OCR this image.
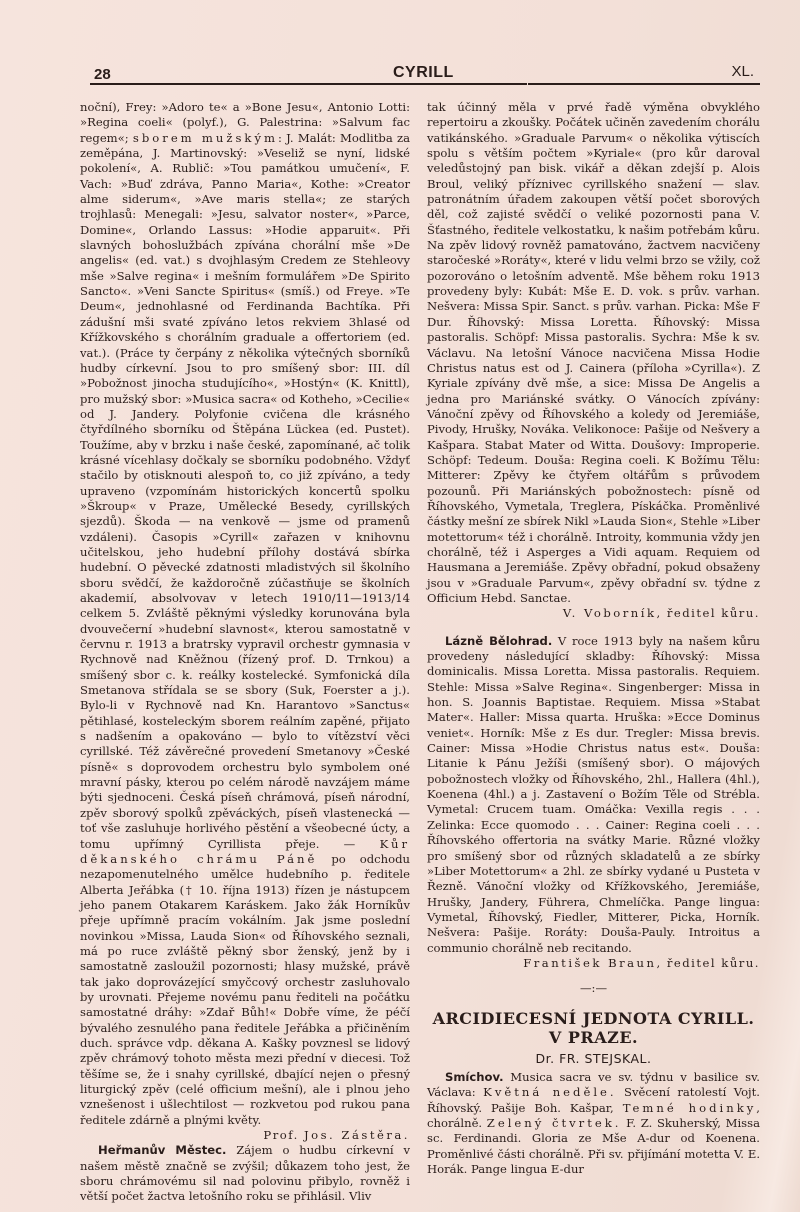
28	CYRILL	XL.

noční), Frey: »Adoro te« a »Bone Jesu«, Antonio Lotti: »Regina coeli« (polyf.), G. Palestrina: »Salvum fac regem«; sborem mužským: J. Malát: Modlitba za zeměpána, J. Martinovský: »Veseliž se nyní, lidské pokolení«, A. Rublič: »Tou památkou umučení«, F. Vach: »Buď zdráva, Panno Maria«, Kothe: »Creator alme siderum«, »Ave maris stella«; ze starých trojhlasů: Menegali: »Jesu, salvator noster«, »Parce, Domine«, Orlando Lassus: »Hodie apparuit«. Při slavných bohoslužbách zpívána chorální mše »De angelis« (ed. vat.) s dvojhlasým Credem ze Stehleovy mše »Salve regina« i mešním formulářem »De Spirito Sancto«. »Veni Sancte Spiritus« (smíš.) od Freye. »Te Deum«, jednohlasné od Ferdinanda Bachtíka. Při zádušní mši svaté zpíváno letos rekviem 3hlasé od Křížkovského s chorálním graduale a offertoriem (ed. vat.). (Práce ty čerpány z několika výtečných sborníků hudby církevní. Jsou to pro smíšený sbor: III. díl »Pobožnost jinocha studujícího«, »Hostýn« (K. Knittl), pro mužský sbor: »Musica sacra« od Kotheho, »Cecilie« od J. Jandery. Polyfonie cvičena dle krásného čtyřdílného sborníku od Štěpána Lückea (ed. Pustet). Toužíme, aby v brzku i naše české, zapomínané, ač tolik krásné vícehlasy dočkaly se sborníku podobného. Vždyť stačilo by otisknouti alespoň to, co již zpíváno, a tedy upraveno (vzpomínám historických koncertů spolku »Škroup« v Praze, Umělecké Besedy, cyrillských sjezdů). Škoda — na venkově — jsme od pramenů vzdáleni). Časopis »Cyrill« zařazen v knihovnu učitelskou, jeho hudební přílohy dostává sbírka hudební. O pěvecké zdatnosti mladistvých sil školního sboru svědčí, že každoročně zúčastňuje se školních akademií, absolvovav v letech 1910/11—1913/14 celkem 5. Zvláště pěknými výsledky korunována byla dvouvečerní »hudební slavnost«, kterou samostatně v červnu r. 1913 a bratrsky vypravil orchestr gymnasia v Rychnově nad Kněžnou (řízený prof. D. Trnkou) a smíšený sbor c. k. reálky kostelecké. Symfonická díla Smetanova střídala se se sbory (Suk, Foerster a j.). Bylo-li v Rychnově nad Kn. Harantovo »Sanctus« pětihlasé, kosteleckým sborem reálním zapěné, přijato s nadšením a opakováno — bylo to vítězství věci cyrillské. Též závěrečné provedení Smetanovy »České písně« s doprovodem orchestru bylo symbolem oné mravní pásky, kterou po celém národě navzájem máme býti sjednoceni. Česká píseň chrámová, píseň národní, zpěv sborový spolků zpěváckých, píseň vlastenecká — toť vše zasluhuje horlivého pěstění a všeobecné úcty, a tomu upřímný Cyrillista přeje. — Kůr děkanského chrámu Páně po odchodu nezapomenutelného umělce hudebního p. ředitele Alberta Jeřábka († 10. října 1913) řízen je nástupcem jeho panem Otakarem Karáskem. Jako žák Horníkův přeje upřímně pracím vokálním. Jak jsme poslední novinkou »Missa, Lauda Sion« od Říhovského seznali, má po ruce zvláště pěkný sbor ženský, jenž by i samostatně zasloužil pozornosti; hlasy mužské, právě tak jako doprovázející smyčcový orchestr zasluhovalo by urovnati. Přejeme novému panu řediteli na počátku samostatné dráhy: »Zdař Bůh!« Dobře víme, že péčí bývalého zesnulého pana ředitele Jeřábka a přičiněním duch. správce vdp. děkana A. Kašky povznesl se lidový zpěv chrámový tohoto města mezi přední v diecesi. Tož těšíme se, že i snahy cyrillské, dbající nejen o přesný liturgický zpěv (celé officium mešní), ale i plnou jeho vznešenost i ušlechtilost — rozkvetou pod rukou pana ředitele zdárně a plnými květy.

Prof. Jos. Zástěra.

Heřmanův Městec. Zájem o hudbu církevní v našem městě značně se zvýšil; důkazem toho jest, že sboru chrámovému sil nad polovinu přibylo, rovněž i větší počet žactva letošního roku se přihlásil. Vliv

tak účinný měla v prvé řadě výměna obvyklého repertoiru a zkoušky. Počátek učiněn zavedením chorálu vatikánského. »Graduale Parvum« o několika výtiscích spolu s větším počtem »Kyriale« (pro kůr daroval veledůstojný pan bisk. vikář a děkan zdejší p. Alois Broul, veliký příznivec cyrillského snažení — slav. patronátním úřadem zakoupen větší počet sborových děl, což zajisté svědčí o veliké pozornosti pana V. Šťastného, ředitele velkostatku, k našim potřebám kůru. Na zpěv lidový rovněž pamatováno, žactvem nacvičeny staročeské »Roráty«, které v lidu velmi brzo se vžily, což pozorováno o letošním adventě. Mše během roku 1913 provedeny byly: Kubát: Mše E. D. vok. s prův. varhan. Nešvera: Missa Spir. Sanct. s prův. varhan. Picka: Mše F Dur. Říhovský: Missa Loretta. Říhovský: Missa pastoralis. Schöpf: Missa pastoralis. Sychra: Mše k sv. Václavu. Na letošní Vánoce nacvičena Missa Hodie Christus natus est od J. Cainera (příloha »Cyrilla«). Z Kyriale zpívány dvě mše, a sice: Missa De Angelis a jedna pro Mariánské svátky. O Vánocích zpívány: Vánoční zpěvy od Říhovského a koledy od Jeremiáše, Pivody, Hrušky, Nováka. Velikonoce: Pašije od Nešvery a Kašpara. Stabat Mater od Witta. Doušovy: Improperie. Schöpf: Tedeum. Douša: Regina coeli. K Božímu Tělu: Mitterer: Zpěvy ke čtyřem oltářům s průvodem pozounů. Při Mariánských pobožnostech: písně od Říhovského, Vymetala, Treglera, Pískáčka. Proměnlivé částky mešní ze sbírek Nikl »Lauda Sion«, Stehle »Liber motettorum« též i chorálně. Introity, kommunia vždy jen chorálně, též i Asperges a Vidi aquam. Requiem od Hausmana a Jeremiáše. Zpěvy obřadní, pokud obsaženy jsou v »Graduale Parvum«, zpěvy obřadní sv. týdne z Officium Hebd. Sanctae.

V. Voborník, ředitel kůru.

Lázně Bělohrad. V roce 1913 byly na našem kůru provedeny následující skladby: Říhovský: Missa dominicalis. Missa Loretta. Missa pastoralis. Requiem. Stehle: Missa »Salve Regina«. Singenberger: Missa in hon. S. Joannis Baptistae. Requiem. Missa »Stabat Mater«. Haller: Missa quarta. Hruška: »Ecce Dominus veniet«. Horník: Mše z Es dur. Tregler: Missa brevis. Cainer: Missa »Hodie Christus natus est«. Douša: Litanie k Pánu Ježíši (smíšený sbor). O májových pobožnostech vložky od Říhovského, 2hl., Hallera (4hl.), Koenena (4hl.) a j. Zastavení o Božím Těle od Strébla. Vymetal: Crucem tuam. Omáčka: Vexilla regis . . . Zelinka: Ecce quomodo . . . Cainer: Regina coeli . . . Říhovského offertoria na svátky Marie. Různé vložky pro smíšený sbor od různých skladatelů a ze sbírky »Liber Motettorum« a 2hl. ze sbírky vydané u Pusteta v Řezně. Vánoční vložky od Křížkovského, Jeremiáše, Hrušky, Jandery, Führera, Chmelíčka. Pange lingua: Vymetal, Říhovský, Fiedler, Mitterer, Picka, Horník. Nešvera: Pašije. Roráty: Douša-Pauly. Introitus a communio chorálně neb recitando.

František Braun, ředitel kůru.

—:—

ARCIDIECESNÍ JEDNOTA CYRILL.
V PRAZE.

Dr. FR. STEJSKAL.

Smíchov. Musica sacra ve sv. týdnu v basilice sv. Václava: Květná neděle. Svěcení ratolestí Vojt. Říhovský. Pašije Boh. Kašpar, Temné hodinky, chorálně. Zelený čtvrtek. F. Z. Skuherský, Missa sc. Ferdinandi. Gloria ze Mše A-dur od Koenena. Proměnlivé části chorálně. Při sv. přijímání motetta V. E. Horák. Pange lingua E-dur
